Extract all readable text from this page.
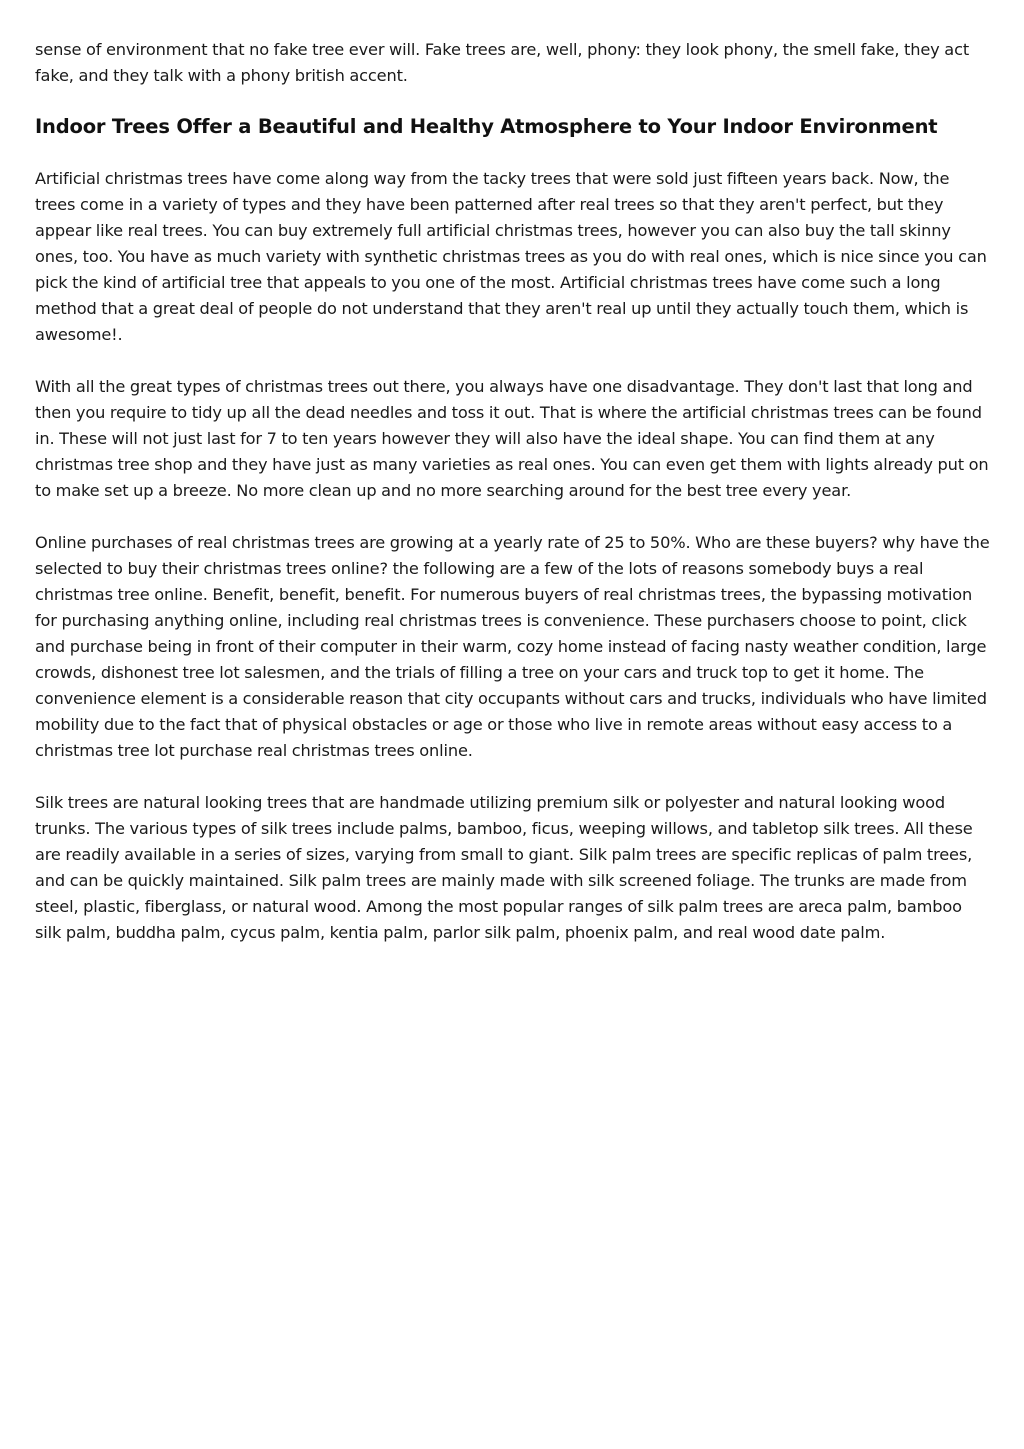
sense of environment that no fake tree ever will. Fake trees are, well, phony: they look phony, the smell fake, they act fake, and they talk with a phony british accent.

Indoor Trees Offer a Beautiful and Healthy Atmosphere to Your Indoor Environment

Artificial christmas trees have come along way from the tacky trees that were sold just fifteen years back. Now, the trees come in a variety of types and they have been patterned after real trees so that they aren't perfect, but they appear like real trees. You can buy extremely full artificial christmas trees, however you can also buy the tall skinny ones, too. You have as much variety with synthetic christmas trees as you do with real ones, which is nice since you can pick the kind of artificial tree that appeals to you one of the most. Artificial christmas trees have come such a long method that a great deal of people do not understand that they aren't real up until they actually touch them, which is awesome!.

With all the great types of christmas trees out there, you always have one disadvantage. They don't last that long and then you require to tidy up all the dead needles and toss it out. That is where the artificial christmas trees can be found in. These will not just last for 7 to ten years however they will also have the ideal shape. You can find them at any christmas tree shop and they have just as many varieties as real ones. You can even get them with lights already put on to make set up a breeze. No more clean up and no more searching around for the best tree every year.

Online purchases of real christmas trees are growing at a yearly rate of 25 to 50%. Who are these buyers? why have the selected to buy their christmas trees online? the following are a few of the lots of reasons somebody buys a real christmas tree online. Benefit, benefit, benefit. For numerous buyers of real christmas trees, the bypassing motivation for purchasing anything online, including real christmas trees is convenience. These purchasers choose to point, click and purchase being in front of their computer in their warm, cozy home instead of facing nasty weather condition, large crowds, dishonest tree lot salesmen, and the trials of filling a tree on your cars and truck top to get it home. The convenience element is a considerable reason that city occupants without cars and trucks, individuals who have limited mobility due to the fact that of physical obstacles or age or those who live in remote areas without easy access to a christmas tree lot purchase real christmas trees online.

Silk trees are natural looking trees that are handmade utilizing premium silk or polyester and natural looking wood trunks. The various types of silk trees include palms, bamboo, ficus, weeping willows, and tabletop silk trees. All these are readily available in a series of sizes, varying from small to giant. Silk palm trees are specific replicas of palm trees, and can be quickly maintained. Silk palm trees are mainly made with silk screened foliage. The trunks are made from steel, plastic, fiberglass, or natural wood. Among the most popular ranges of silk palm trees are areca palm, bamboo silk palm, buddha palm, cycus palm, kentia palm, parlor silk palm, phoenix palm, and real wood date palm.
